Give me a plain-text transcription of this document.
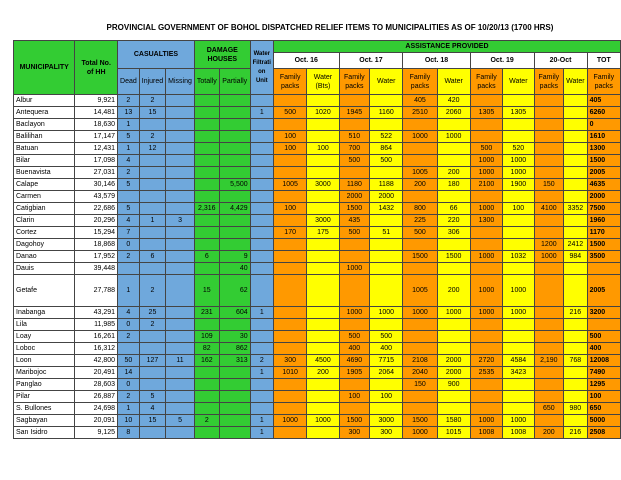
PROVINCIAL GOVERNMENT OF BOHOL DISPATCHED RELIEF ITEMS TO MUNICIPALITIES AS OF 10/20/13 (1700 HRS)
MUNICIPALITY	Total No. of HH	CASUALTIES			DAMAGE HOUSES		Water Filtrati on Unit	ASSISTANCE PROVIDED										
								Oct. 16		Oct. 17		Oct. 18		Oct. 19		20-Oct		TOT
		Dead	Injured	Missing	Totally	Partially		Family packs	Water (Bts)	Family packs	Water	Family packs	Water	Family packs	Water	Family packs	Water	Family packs
Albur	9,921	2	2									405	420					405
Antequera	14,481	13	15				1	500	1020	1945	1160	2510	2060	1305	1305			6260
Baclayon	18,630	1																0
Balilihan	17,147	5	2					100		510	522	1000	1000					1610
Batuan	12,431	1	12					100	100	700	864			500	520			1300
Bilar	17,098	4								500	500			1000	1000			1500
Buenavista	27,031	2										1005	200	1000	1000			2005
Calape	30,146	5				5,500		1005	3000	1180	1188	200	180	2100	1900	150		4635
Carmen	43,579									2000	2000							2000
Catigbian	22,686	5			2,316	4,429		100		1500	1432	800	66	1000	100	4100	3352	7500
Clarin	20,296	4	1	3					3000	435		225	220	1300				1960
Cortez	15,294	7						170	175	500	51	500	306					1170
Dagohoy	18,868	0														1200	2412	1500
Danao	17,952	2	6		6	9						1500	1500	1000	1032	1000	984	3500
Dauis	39,448					40				1000								
Getafe	27,788	1	2		15	62						1005	200	1000	1000			2005
Inabanga	43,291	4	25		231	604	1			1000	1000	1000	1000	1000	1000		216	3200
Lila	11,985	0	2															
Loay	16,261	2			109	30				500	500							500
Loboc	16,312				82	862				400	400							400
Loon	42,800	50	127	11	162	313	2	300	4500	4690	7715	2108	2000	2720	4584	2,190	768	12008
Maribojoc	20,491	14					1	1010	200	1905	2064	2040	2000	2535	3423			7490
Panglao	28,603	0										150	900					1295
Pilar	26,887	2	5							100	100							100
S. Bullones	24,698	1	4													650	980	650
Sagbayan	20,091	10	15	5	2		1	1000	1000	1500	3000	1500	1580	1000	1000			5000
San Isidro	9,125	8					1			300	300	1000	1015	1008	1008	200	216	2508
